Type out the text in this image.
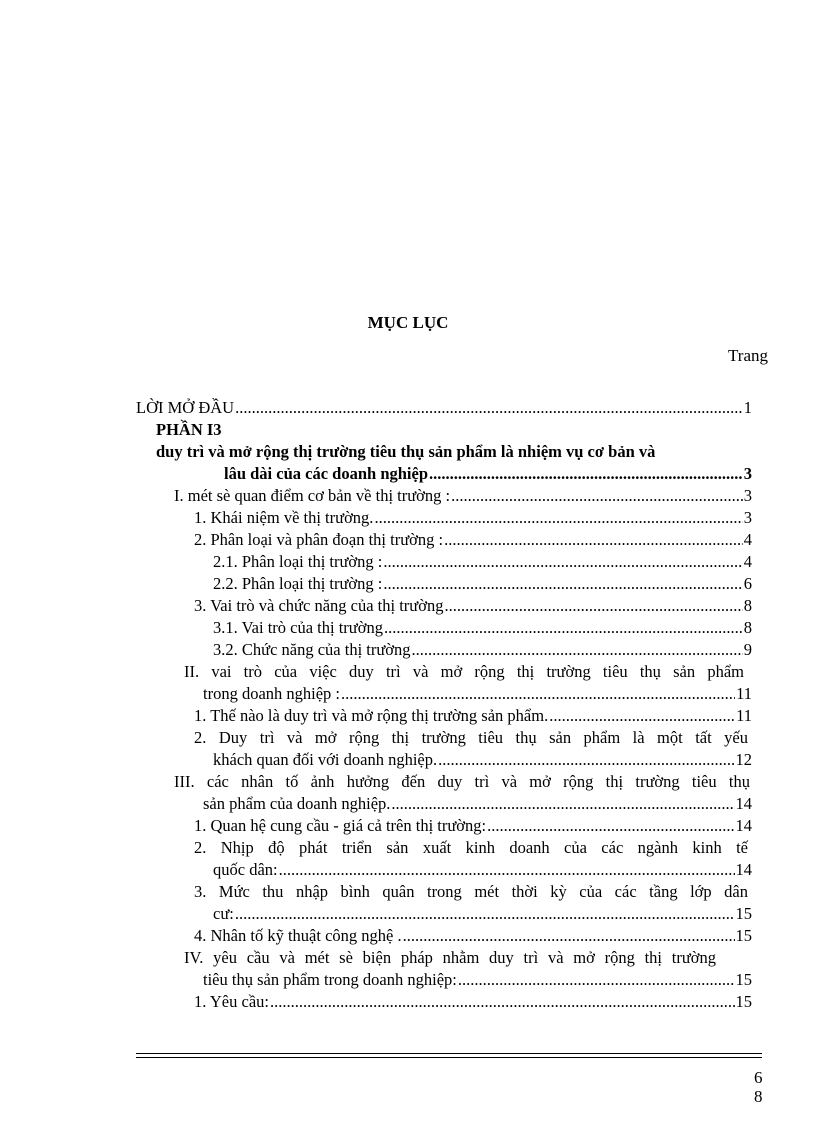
MỤC LỤC
Trang
LỜI MỞ ĐẦU .....	1
PHẦN I3
duy trì và mở rộng thị trường tiêu thụ sản phẩm là nhiệm vụ cơ bản và
lâu dài của các doanh nghiệp .....	3
I. mét sè quan điểm cơ bản về thị trường : .....	3
1. Khái niệm về thị trường. .....	3
2. Phân loại và phân đoạn thị trường : .....	4
2.1. Phân loại thị trường : .....	4
2.2. Phân loại thị trường : .....	6
3. Vai trò và chức năng của thị trường .....	8
3.1. Vai trò của thị trường .....	8
3.2. Chức năng của thị trường .....	9
II. vai trò của việc duy trì và mở rộng thị trường tiêu thụ sản phẩm
trong doanh nghiệp : .....	11
1. Thế nào là duy trì và mở rộng thị trường sản phẩm. .....	11
2. Duy trì và mở rộng thị trường tiêu thụ sản phẩm là một tất yếu
khách quan đối với doanh nghiệp. .....	12
III. các nhân tố ảnh hưởng đến duy trì và mở rộng thị trường tiêu thụ
sản phẩm của doanh nghiệp. .....	14
1. Quan hệ cung cầu - giá cả trên thị trường: .....	14
2. Nhịp độ phát triển sản xuất kinh doanh của các ngành kinh tế
quốc dân: .....	14
3. Mức thu nhập bình quân trong mét thời kỳ của các tầng lớp dân
cư: .....	15
4. Nhân tố kỹ thuật công nghệ . .....	15
IV. yêu cầu và mét sè biện pháp nhằm duy trì và mở rộng thị trường
tiêu thụ sản phẩm trong doanh nghiệp: .....	15
1. Yêu cầu: .....	15
6
8
